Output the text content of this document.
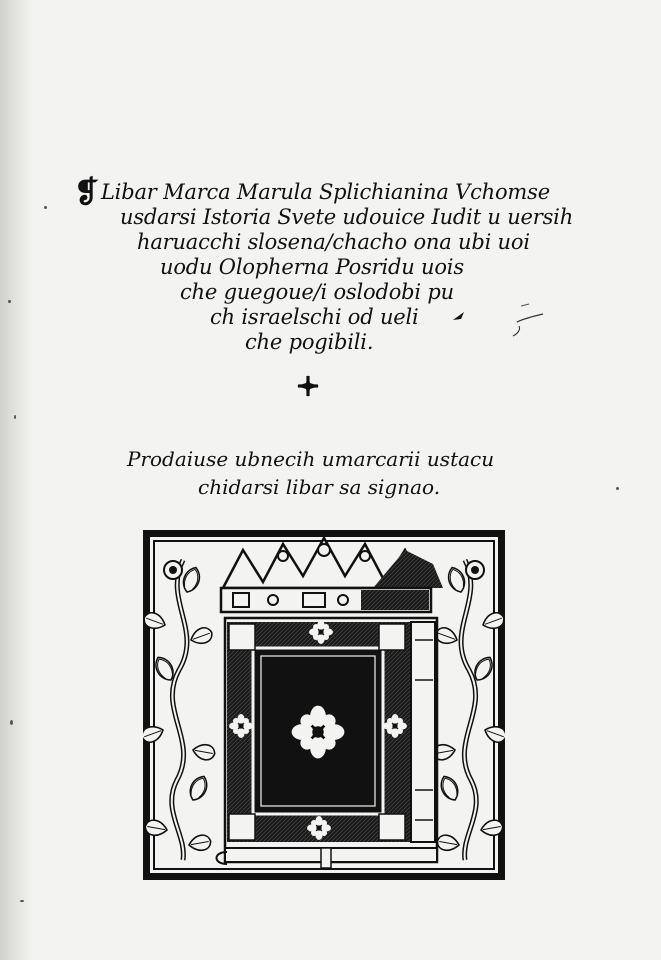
❡Libar Marca Marula Splichianina Vchomse
usdarsi Istoria Svete udouice Iudit u uersih
haruacchi slosena/chacho ona ubi uoi
uodu Olopherna Posridu uois
che guegoue/i oslodobi pu
ch israelschi od ueli
che pogibili.
Prodaiuse ubnecih umarcarii ustacu
chidarsi libar sa signao.
